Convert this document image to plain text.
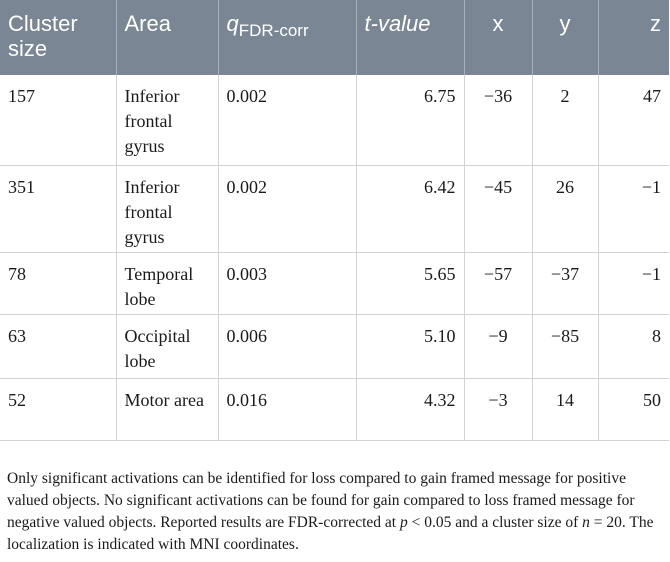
Cluster size	Area	$q_{FDR-corr}$	t-value	x	y	z
157	Inferior frontal gyrus	0.002	6.75	−36	2	47
351	Inferior frontal gyrus	0.002	6.42	−45	26	−1
78	Temporal lobe	0.003	5.65	−57	−37	−1
63	Occipital lobe	0.006	5.10	−9	−85	8
52	Motor area	0.016	4.32	−3	14	50

Only significant activations can be identified for loss compared to gain framed message for positive valued objects. No significant activations can be found for gain compared to loss framed message for negative valued objects. Reported results are FDR-corrected at p < 0.05 and a cluster size of n = 20. The localization is indicated with MNI coordinates.
